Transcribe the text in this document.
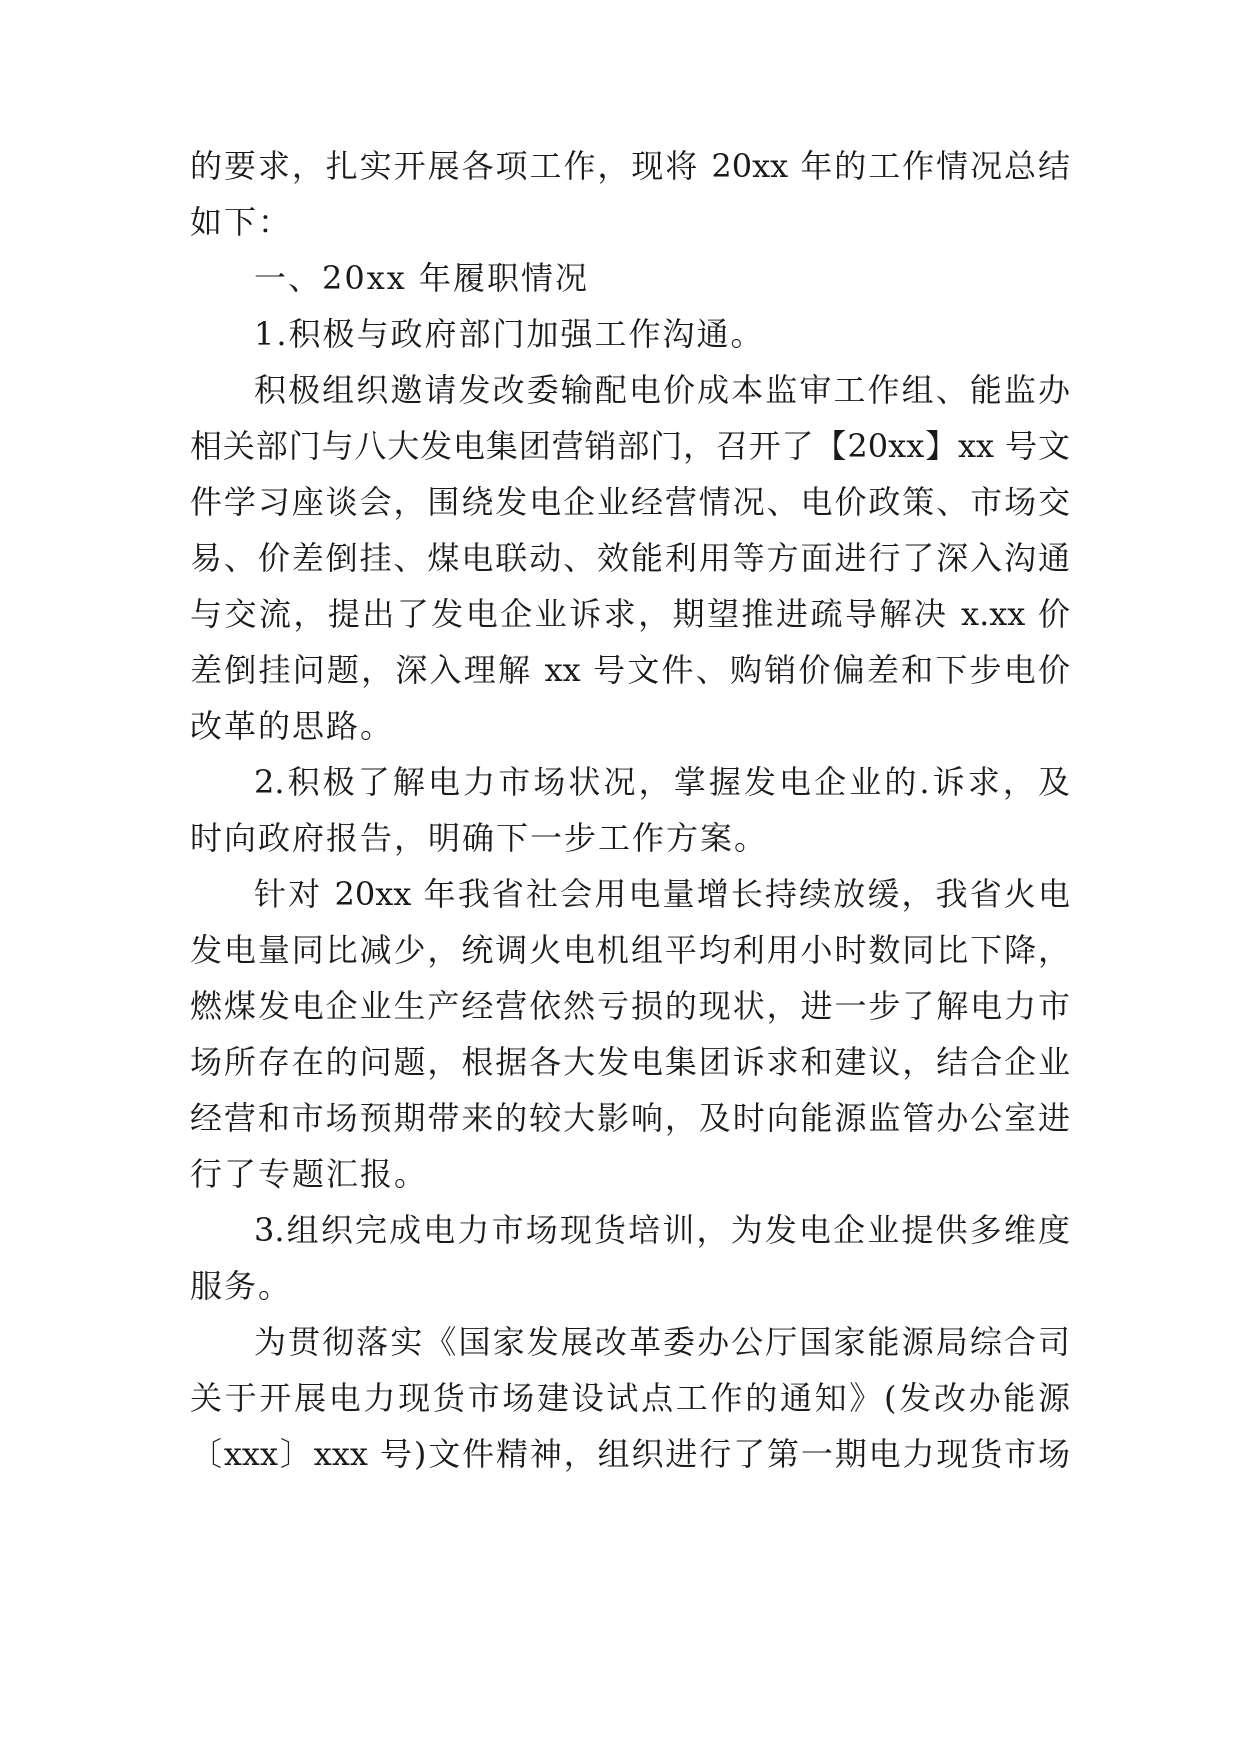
的要求，扎实开展各项工作，现将 20xx 年的工作情况总结
如下：
一、20xx 年履职情况
1.积极与政府部门加强工作沟通。
积极组织邀请发改委输配电价成本监审工作组、能监办
相关部门与八大发电集团营销部门，召开了【20xx】xx 号文
件学习座谈会，围绕发电企业经营情况、电价政策、市场交
易、价差倒挂、煤电联动、效能利用等方面进行了深入沟通
与交流，提出了发电企业诉求，期望推进疏导解决 x.xx 价
差倒挂问题，深入理解 xx 号文件、购销价偏差和下步电价
改革的思路。
2.积极了解电力市场状况，掌握发电企业的.诉求，及
时向政府报告，明确下一步工作方案。
针对 20xx 年我省社会用电量增长持续放缓，我省火电
发电量同比减少，统调火电机组平均利用小时数同比下降，
燃煤发电企业生产经营依然亏损的现状，进一步了解电力市
场所存在的问题，根据各大发电集团诉求和建议，结合企业
经营和市场预期带来的较大影响，及时向能源监管办公室进
行了专题汇报。
3.组织完成电力市场现货培训，为发电企业提供多维度
服务。
为贯彻落实《国家发展改革委办公厅国家能源局综合司
关于开展电力现货市场建设试点工作的通知》(发改办能源
〔xxx〕xxx 号)文件精神，组织进行了第一期电力现货市场
